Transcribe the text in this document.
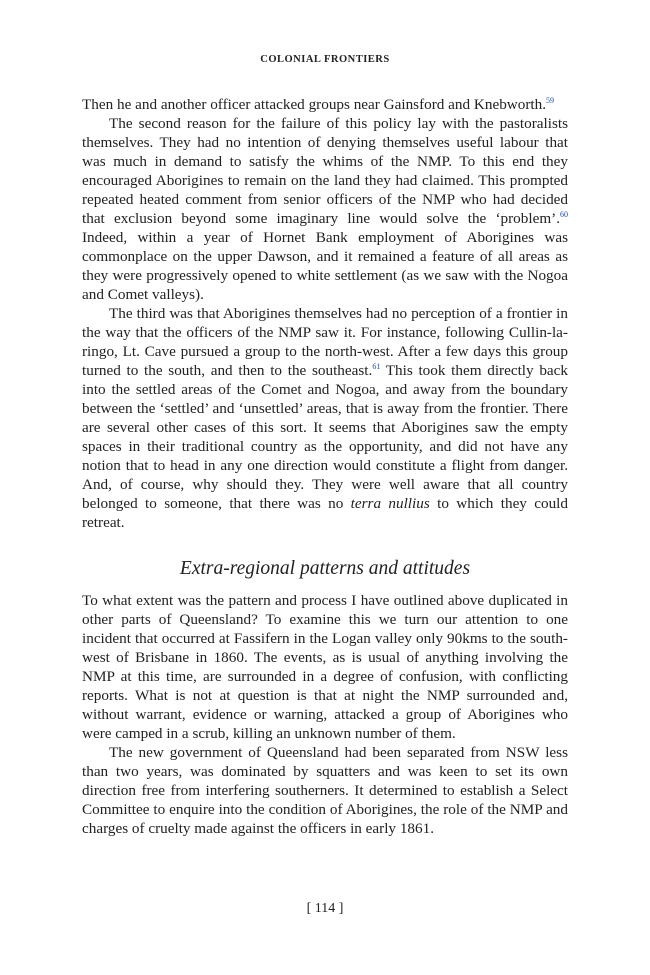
COLONIAL FRONTIERS

Then he and another officer attacked groups near Gainsford and Knebworth.$^{59}$

The second reason for the failure of this policy lay with the pastoralists themselves. They had no intention of denying themselves useful labour that was much in demand to satisfy the whims of the NMP. To this end they encouraged Aborigines to remain on the land they had claimed. This prompted repeated heated comment from senior officers of the NMP who had decided that exclusion beyond some imaginary line would solve the ‘problem’.$^{60}$ Indeed, within a year of Hornet Bank employment of Aborigines was commonplace on the upper Dawson, and it remained a feature of all areas as they were progressively opened to white settlement (as we saw with the Nogoa and Comet valleys).

The third was that Aborigines themselves had no perception of a frontier in the way that the officers of the NMP saw it. For instance, following Cullin-la-ringo, Lt. Cave pursued a group to the north-west. After a few days this group turned to the south, and then to the southeast.$^{61}$ This took them directly back into the settled areas of the Comet and Nogoa, and away from the boundary between the ‘settled’ and ‘unsettled’ areas, that is away from the frontier. There are several other cases of this sort. It seems that Aborigines saw the empty spaces in their traditional country as the opportunity, and did not have any notion that to head in any one direction would constitute a flight from danger. And, of course, why should they. They were well aware that all country belonged to someone, that there was no terra nullius to which they could retreat.

Extra-regional patterns and attitudes

To what extent was the pattern and process I have outlined above duplicated in other parts of Queensland? To examine this we turn our attention to one incident that occurred at Fassifern in the Logan valley only 90kms to the south-west of Brisbane in 1860. The events, as is usual of anything involving the NMP at this time, are surrounded in a degree of confusion, with conflicting reports. What is not at question is that at night the NMP surrounded and, without warrant, evidence or warning, attacked a group of Aborigines who were camped in a scrub, killing an unknown number of them.

The new government of Queensland had been separated from NSW less than two years, was dominated by squatters and was keen to set its own direction free from interfering southerners. It determined to establish a Select Committee to enquire into the condition of Aborigines, the role of the NMP and charges of cruelty made against the officers in early 1861.

[ 114 ]
